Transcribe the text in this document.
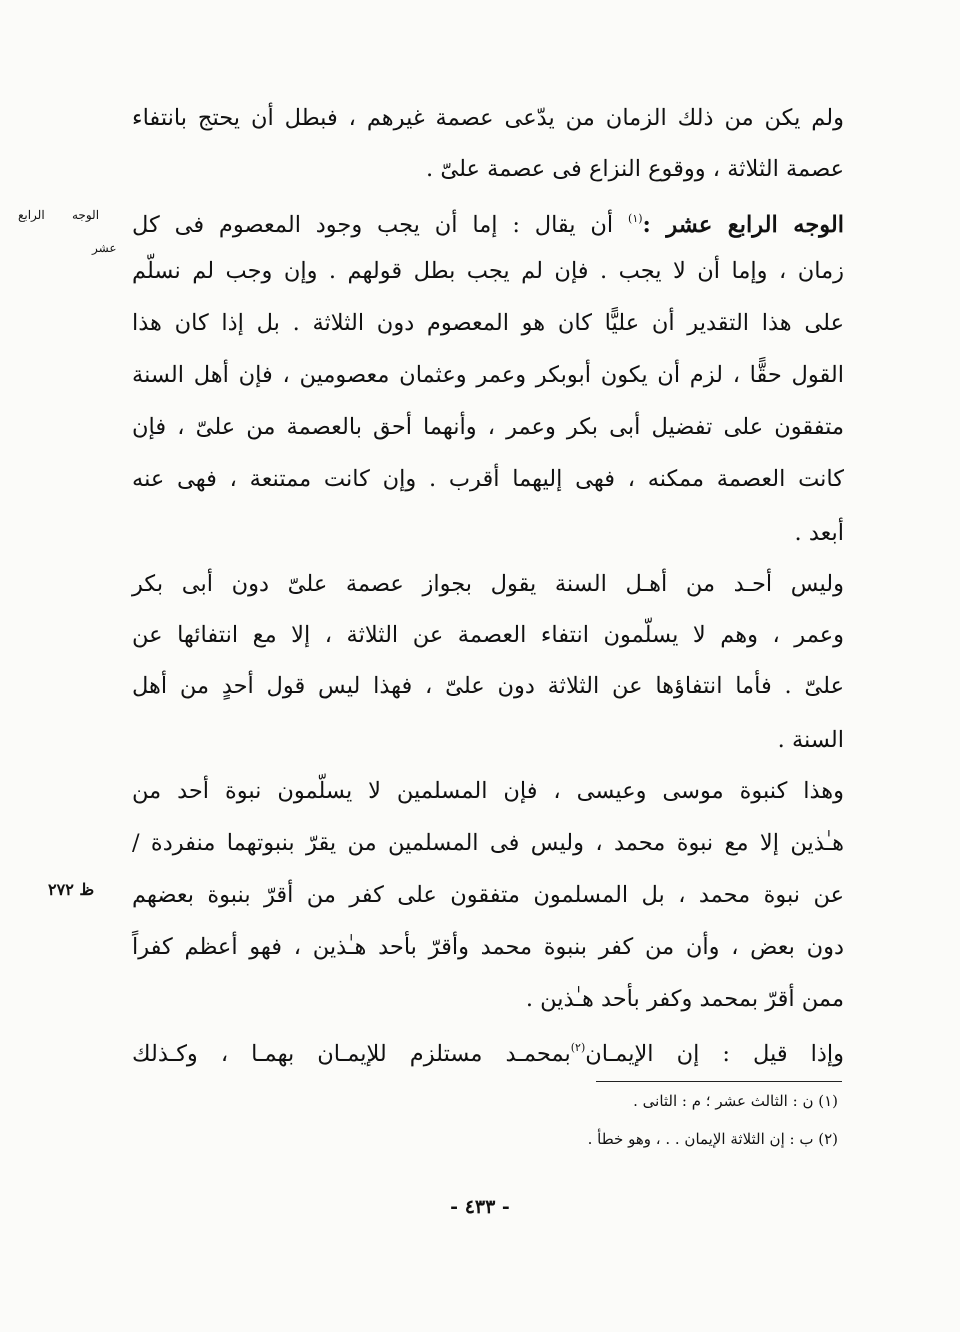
ولم يكن من ذلك الزمان من يدّعى عصمة غيرهم ، فبطل أن يحتج بانتفاء
عصمة الثلاثة ، ووقوع النزاع فى عصمة علىّ .
الوجه الرابع عشر :$^{(١)}$ أن يقال : إما أن يجب وجود المعصوم فى كل
زمان ، وإما أن لا يجب . فإن لم يجب بطل قولهم . وإن وجب لم نسلّم
على هذا التقدير أن عليًّا كان هو المعصوم دون الثلاثة . بل إذا كان هذا
القول حقًّا ، لزم أن يكون أبوبكر وعمر وعثمان معصومين ، فإن أهل السنة
متفقون على تفضيل أبى بكر وعمر ، وأنهما أحق بالعصمة من علىّ ، فإن
كانت العصمة ممكنه ، فهى إليهما أقرب . وإن كانت ممتنعة ، فهى عنه
أبعد .
وليس أحـد من أهـل السنة يقول بجواز عصمة علىّ دون أبى بكر
وعمر ، وهم لا يسلّمون انتفاء العصمة عن الثلاثة ، إلا مع انتفائها عن
علىّ . فأما انتفاؤها عن الثلاثة دون علىّ ، فهذا ليس قول أحدٍ من أهل
السنة .
وهذا كنبوة موسى وعيسى ، فإن المسلمين لا يسلّمون نبوة أحد من
هـٰذين إلا مع نبوة محمد ، وليس فى المسلمين من يقرّ بنبوتهما منفردة /
عن نبوة محمد ، بل المسلمون متفقون على كفر من أقرّ بنبوة بعضهم
دون بعض ، وأن من كفر بنبوة محمد وأقرّ بأحد هـٰذين ، فهو أعظم كفراً
ممن أقرّ بمحمد وكفر بأحد هـٰذين .
وإذا قيل : إن الإيمـان$^{(٢)}$بمحمـد مستلزم للإيمـان بهمـا ، وكـذلك
الوجه
عشر
الرابع
ظ ٢٧٢
(١) ن : الثالث عشر ؛ م : الثانى .
(٢) ب : إن الثلاثة الإيمان . . ، وهو خطأ .
- ٤٣٣ -
